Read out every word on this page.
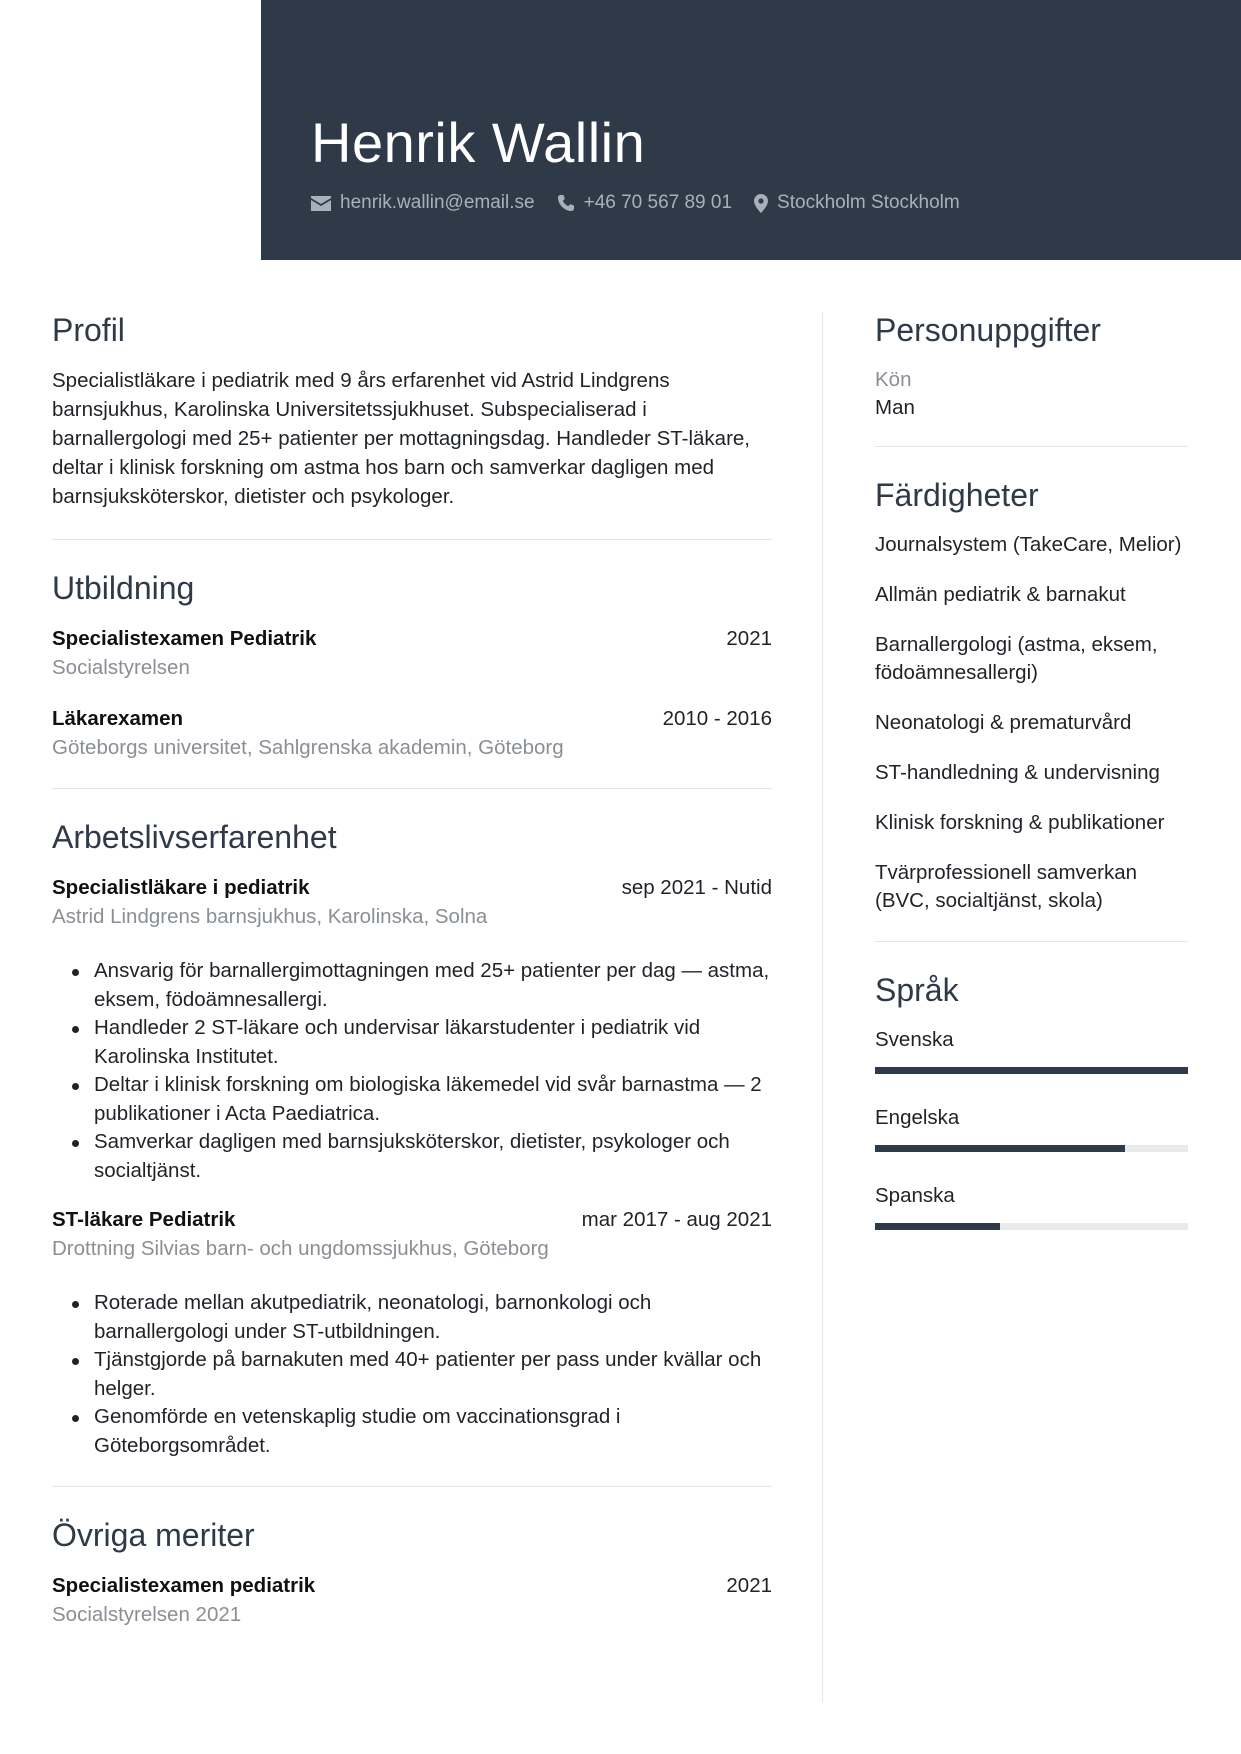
Henrik Wallin
henrik.wallin@email.se	+46 70 567 89 01 Stockholm Stockholm
Profil

Specialistläkare i pediatrik med 9 års erfarenhet vid Astrid Lindgrens barnsjukhus, Karolinska Universitetssjukhuset. Subspecialiserad i barnallergologi med 25+ patienter per mottagningsdag. Handleder ST-läkare, deltar i klinisk forskning om astma hos barn och samverkar dagligen med barnsjuksköterskor, dietister och psykologer.

Utbildning
Specialistexamen Pediatrik	2021
Socialstyrelsen
Läkarexamen	2010 - 2016
Göteborgs universitet, Sahlgrenska akademin, Göteborg
Arbetslivserfarenhet
Specialistläkare i pediatrik	sep 2021 - Nutid
Astrid Lindgrens barnsjukhus, Karolinska, Solna
Ansvarig för barnallergimottagningen med 25+ patienter per dag — astma, eksem, födoämnesallergi.
Handleder 2 ST-läkare och undervisar läkarstudenter i pediatrik vid Karolinska Institutet.
Deltar i klinisk forskning om biologiska läkemedel vid svår barnastma — 2 publikationer i Acta Paediatrica.
Samverkar dagligen med barnsjuksköterskor, dietister, psykologer och socialtjänst.
ST-läkare Pediatrik	mar 2017 - aug 2021
Drottning Silvias barn- och ungdomssjukhus, Göteborg
Roterade mellan akutpediatrik, neonatologi, barnonkologi och barnallergologi under ST-utbildningen.
Tjänstgjorde på barnakuten med 40+ patienter per pass under kvällar och helger.
Genomförde en vetenskaplig studie om vaccinationsgrad i Göteborgsområdet.
Övriga meriter
Specialistexamen pediatrik	2021
Socialstyrelsen 2021
Personuppgifter
Kön
Man
Färdigheter
Journalsystem (TakeCare, Melior)
Allmän pediatrik & barnakut
Barnallergologi (astma, eksem, födoämnesallergi)
Neonatologi & prematurvård
ST-handledning & undervisning
Klinisk forskning & publikationer
Tvärprofessionell samverkan (BVC, socialtjänst, skola)
Språk
Svenska
Engelska
Spanska
